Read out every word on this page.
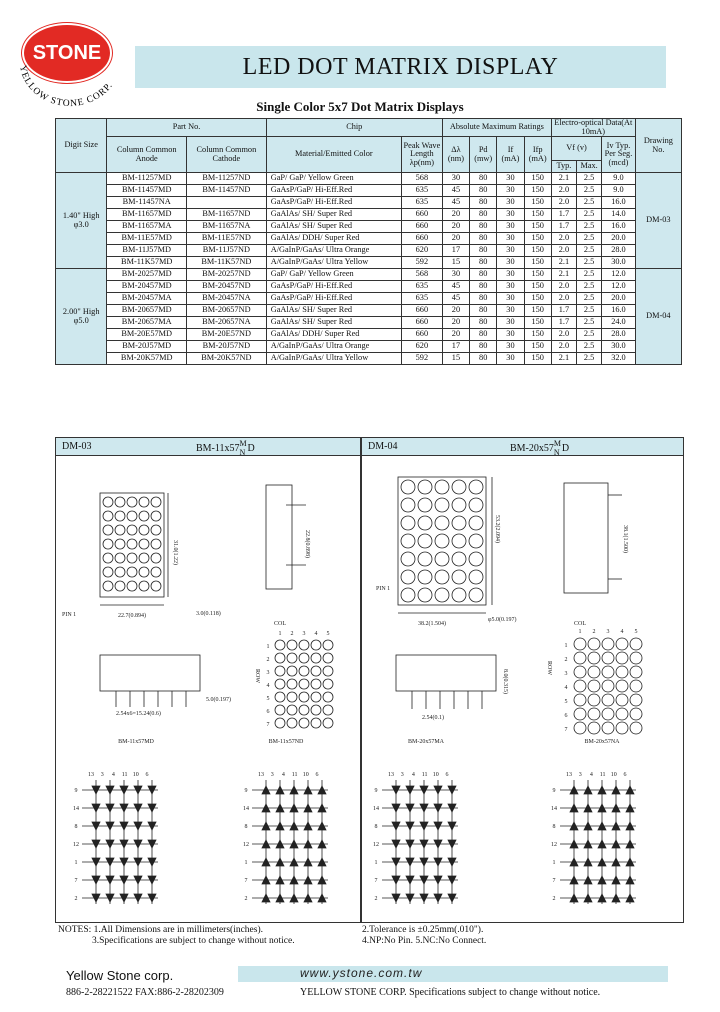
STONE
YELLOW STONE CORP.
LED DOT MATRIX DISPLAY
Single Color 5x7 Dot Matrix Displays
Digit Size	Part No.		Chip		Absolute Maximum Ratings				Electro-optical Data(At 10mA)			Drawing No.
	Column Common Anode	Column Common Cathode	Material/Emitted Color	Peak Wave Length λp(nm)	Δλ (nm)	Pd (mw)	If (mA)	Ifp (mA)	Vf (v)		Iv Typ. Per Seg. (mcd)	
									Typ.	Max.		
1.40" High φ3.0	BM-11257MD	BM-11257ND	GaP/ GaP/ Yellow Green	568	30	80	30	150	2.1	2.5	9.0	DM-03
	BM-11457MD	BM-11457ND	GaAsP/GaP/ Hi-Eff.Red	635	45	80	30	150	2.0	2.5	9.0	
	BM-11457NA		GaAsP/GaP/ Hi-Eff.Red	635	45	80	30	150	2.0	2.5	16.0	
	BM-11657MD	BM-11657ND	GaAlAs/ SH/ Super Red	660	20	80	30	150	1.7	2.5	14.0	
	BM-11657MA	BM-11657NA	GaAlAs/ SH/ Super Red	660	20	80	30	150	1.7	2.5	16.0	
	BM-11E57MD	BM-11E57ND	GaAlAs/ DDH/ Super Red	660	20	80	30	150	2.0	2.5	20.0	
	BM-11J57MD	BM-11J57ND	A/GaInP/GaAs/ Ultra Orange	620	17	80	30	150	2.0	2.5	28.0	
	BM-11K57MD	BM-11K57ND	A/GaInP/GaAs/ Ultra Yellow	592	15	80	30	150	2.1	2.5	30.0	
2.00" High φ5.0	BM-20257MD	BM-20257ND	GaP/ GaP/ Yellow Green	568	30	80	30	150	2.1	2.5	12.0	DM-04
	BM-20457MD	BM-20457ND	GaAsP/GaP/ Hi-Eff.Red	635	45	80	30	150	2.0	2.5	12.0	
	BM-20457MA	BM-20457NA	GaAsP/GaP/ Hi-Eff.Red	635	45	80	30	150	2.0	2.5	20.0	
	BM-20657MD	BM-20657ND	GaAlAs/ SH/ Super Red	660	20	80	30	150	1.7	2.5	16.0	
	BM-20657MA	BM-20657NA	GaAlAs/ SH/ Super Red	660	20	80	30	150	1.7	2.5	24.0	
	BM-20E57MD	BM-20E57ND	GaAlAs/ DDH/ Super Red	660	20	80	30	150	2.0	2.5	28.0	
	BM-20J57MD	BM-20J57ND	A/GaInP/GaAs/ Ultra Orange	620	17	80	30	150	2.0	2.5	30.0	
	BM-20K57MD	BM-20K57ND	A/GaInP/GaAs/ Ultra Yellow	592	15	80	30	150	2.1	2.5	32.0	
DM-03	BM-11x57 M
N D
22.7(0.894)
31.0(1.22)
PIN 1	3.0(0.118)
22.8(0.898)
2.54x6=15.24(0.6)
5.0(0.197)
COL
1 2 3 4 5
ROW
1
2
3
4
5
6
7
BM-11x57MD	BM-11x57ND
13 3 4 11 10 6
9
14
8
12
1
7
2
13 3 4 11 10 6
9
14
8
12
1
7
2
DM-04	BM-20x57 M
N D
PIN 1
38.2(1.504)
53.2(2.094)
φ5.0(0.197)
38.1(1.500)
8.0(0.315)
2.54(0.1)
COL
1 2 3 4 5
ROW
1
2
3
4
5
6
7
BM-20x57MA	BM-20x57NA
13 3 4 11 10 6
9
14
8
12
1
7
2
13 3 4 11 10 6
9
14
8
12
1
7
2
NOTES: 1.All Dimensions are in millimeters(inches).
3.Specifications are subject to change without notice.
2.Tolerance is ±0.25mm(.010").
4.NP:No Pin. 5.NC:No Connect.
Yellow Stone corp.	www.ystone.com.tw
886-2-28221522 FAX:886-2-28202309	YELLOW STONE CORP. Specifications subject to change without notice.
